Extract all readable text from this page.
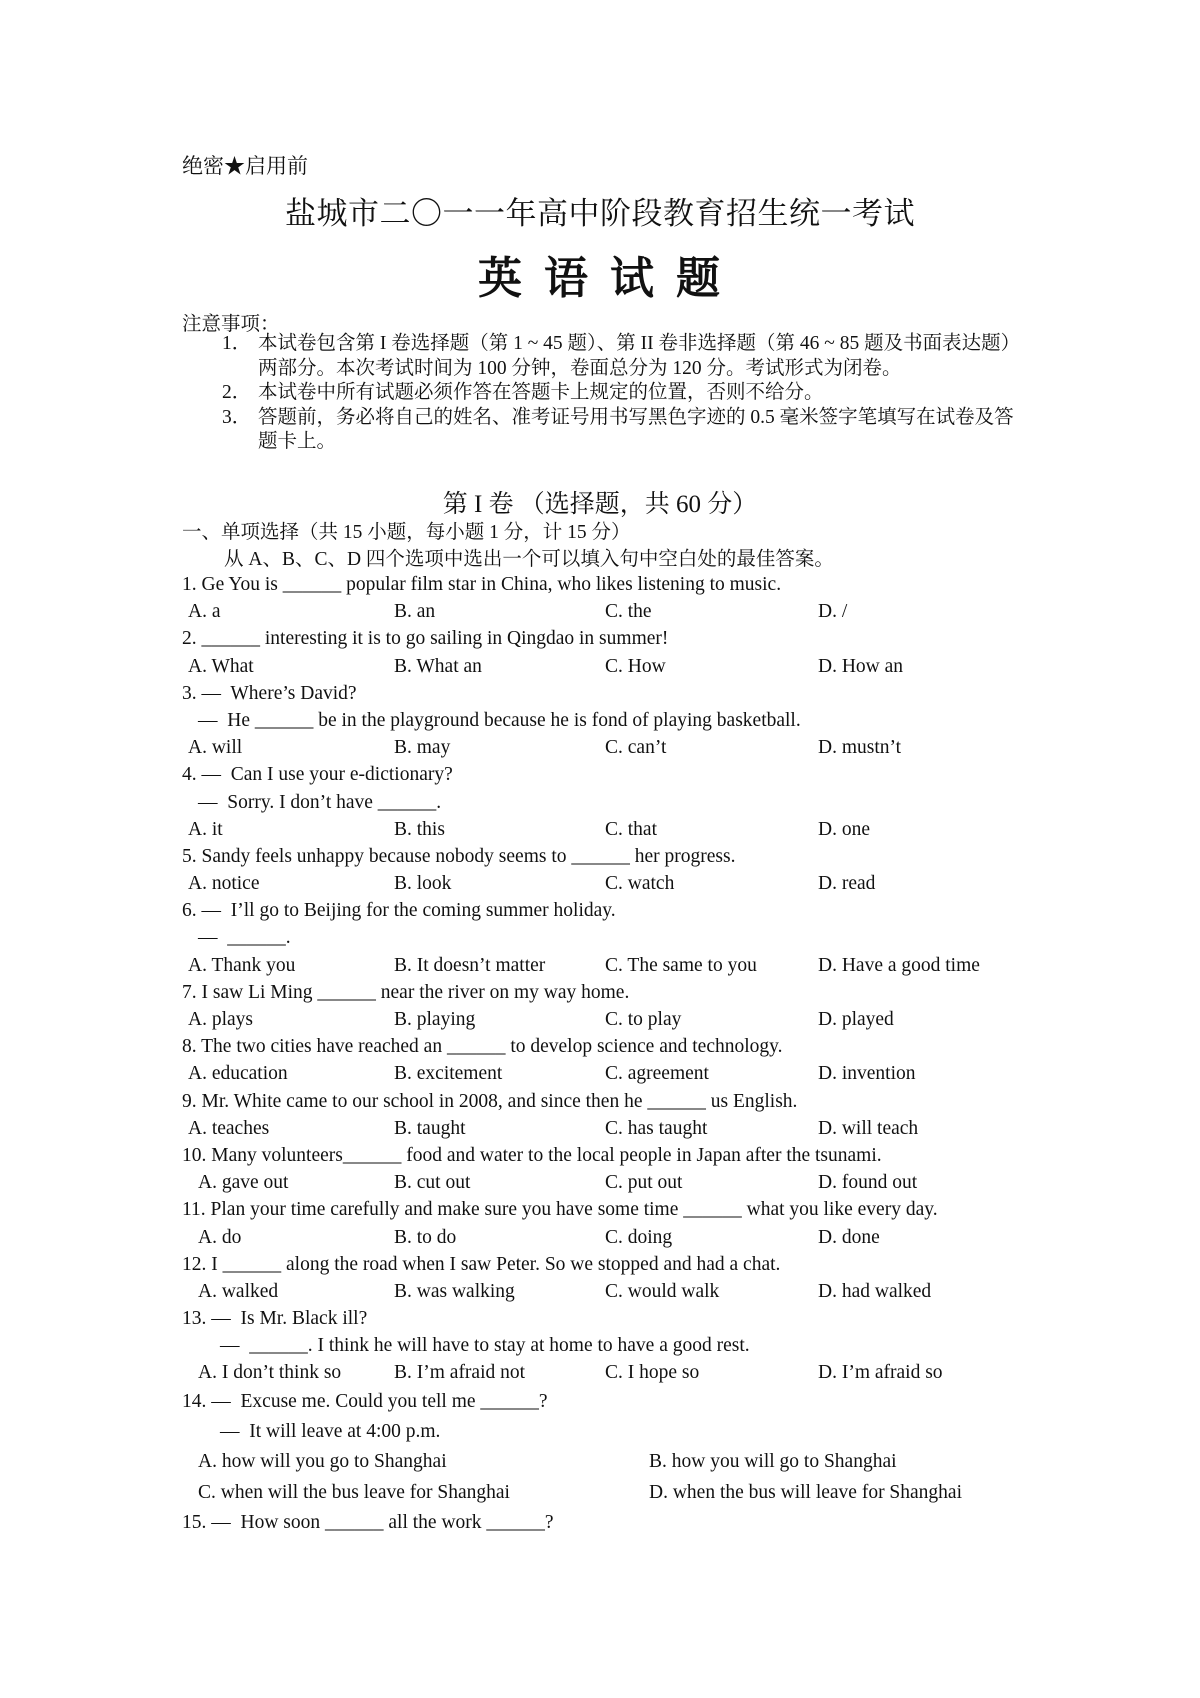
绝密★启用前
盐城市二〇一一年高中阶段教育招生统一考试
英语试题
注意事项：
1． 本试卷包含第 I 卷选择题（第 1 ~ 45 题）、第 II 卷非选择题（第 46 ~ 85 题及书面表达题）两部分。本次考试时间为 100 分钟，卷面总分为 120 分。考试形式为闭卷。
2． 本试卷中所有试题必须作答在答题卡上规定的位置，否则不给分。
3． 答题前，务必将自己的姓名、准考证号用书写黑色字迹的 0.5 毫米签字笔填写在试卷及答题卡上。
第 I 卷 （选择题，共 60 分）
一、单项选择（共 15 小题，每小题 1 分，计 15 分）
从 A、B、C、D 四个选项中选出一个可以填入句中空白处的最佳答案。
1. Ge You is ______ popular film star in China, who likes listening to music.
A. a	B. an	C. the	D. /
2. ______ interesting it is to go sailing in Qingdao in summer!
A. What	B. What an	C. How	D. How an
3. —  Where’s David?
—  He ______ be in the playground because he is fond of playing basketball.
A. will	B. may	C. can’t	D. mustn’t
4. —  Can I use your e-dictionary?
—  Sorry. I don’t have ______.
A. it	B. this	C. that	D. one
5. Sandy feels unhappy because nobody seems to ______ her progress.
A. notice	B. look	C. watch	D. read
6. —  I’ll go to Beijing for the coming summer holiday.
—  ______.
A. Thank you	B. It doesn’t matter	C. The same to you	D. Have a good time
7. I saw Li Ming ______ near the river on my way home.
A. plays	B. playing	C. to play	D. played
8. The two cities have reached an ______ to develop science and technology.
A. education	B. excitement	C. agreement	D. invention
9. Mr. White came to our school in 2008, and since then he ______ us English.
A. teaches	B. taught	C. has taught	D. will teach
10. Many volunteers______ food and water to the local people in Japan after the tsunami.
A. gave out	B. cut out	C. put out	D. found out
11. Plan your time carefully and make sure you have some time ______ what you like every day.
A. do	B. to do	C. doing	D. done
12. I ______ along the road when I saw Peter. So we stopped and had a chat.
A. walked	B. was walking	C. would walk	D. had walked
13. —  Is Mr. Black ill?
—  ______. I think he will have to stay at home to have a good rest.
A. I don’t think so	B. I’m afraid not	C. I hope so	D. I’m afraid so
14. —  Excuse me. Could you tell me ______?
—  It will leave at 4:00 p.m.
A. how will you go to Shanghai	B. how you will go to Shanghai
C. when will the bus leave for Shanghai	D. when the bus will leave for Shanghai
15. —  How soon ______ all the work ______?
